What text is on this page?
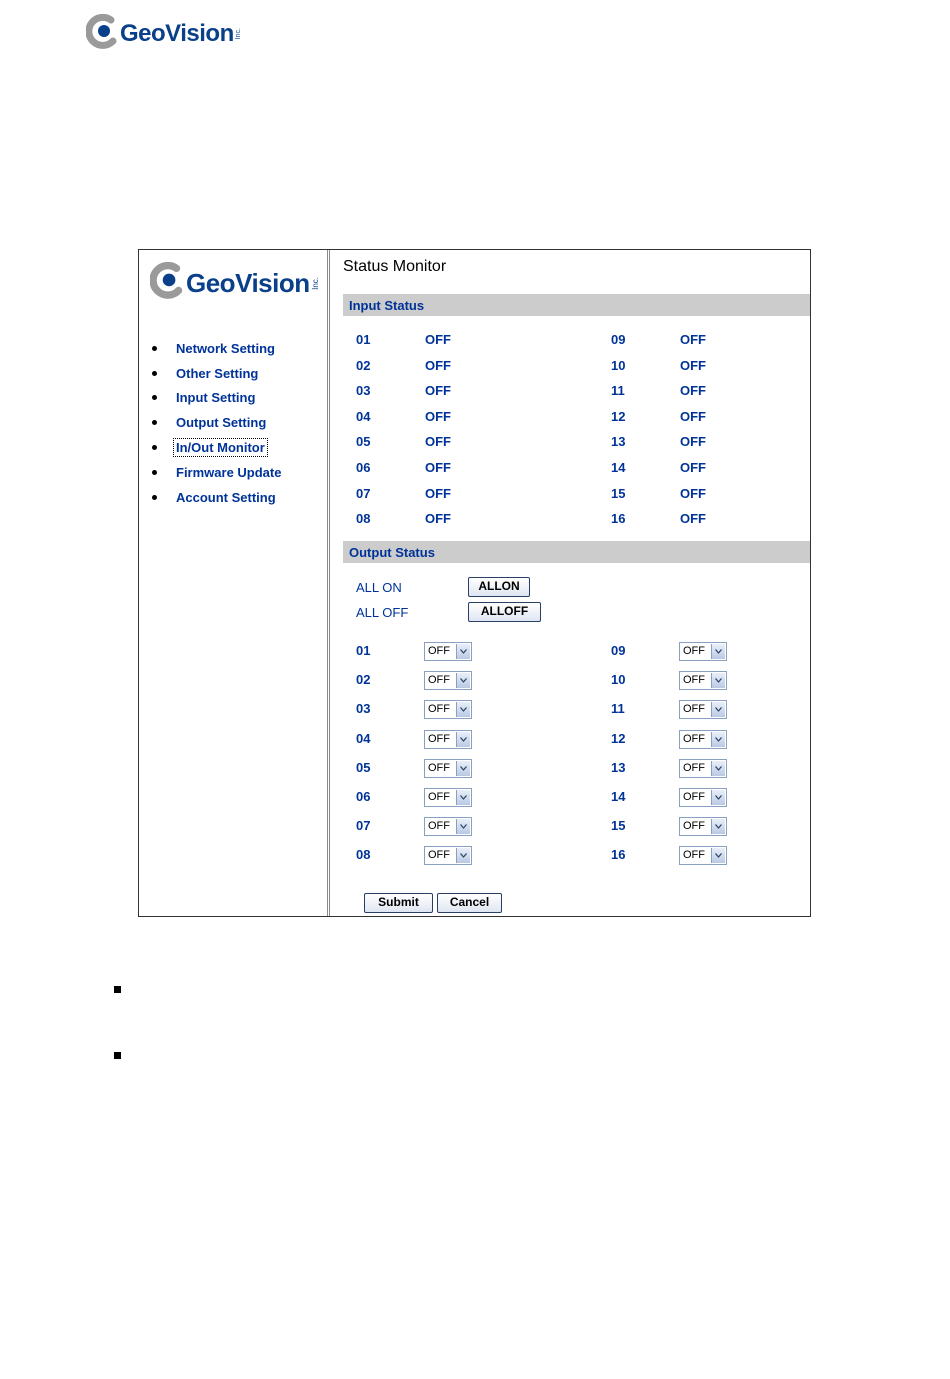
GeoVision Inc.
GeoVision Inc.
Network Setting
Other Setting
Input Setting
Output Setting
In/Out Monitor
Firmware Update
Account Setting
Status Monitor
Input Status
01	OFF	09	OFF
02	OFF	10	OFF
03	OFF	11	OFF
04	OFF	12	OFF
05	OFF	13	OFF
06	OFF	14	OFF
07	OFF	15	OFF
08	OFF	16	OFF
Output Status
ALL ON	ALLON
ALL OFF	ALLOFF
01	OFF	09	OFF
02	OFF	10	OFF
03	OFF	11	OFF
04	OFF	12	OFF
05	OFF	13	OFF
06	OFF	14	OFF
07	OFF	15	OFF
08	OFF	16	OFF
Submit	Cancel
